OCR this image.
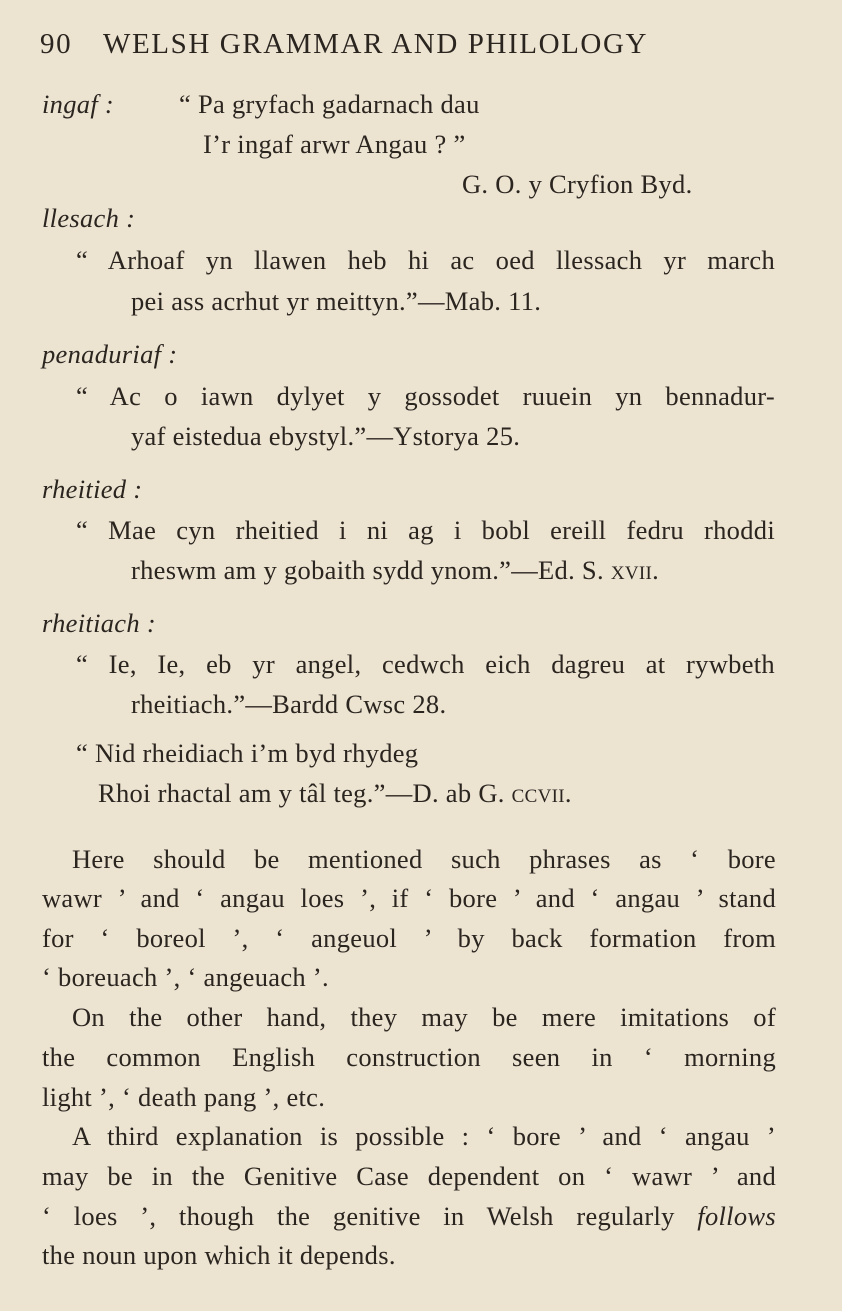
90 WELSH GRAMMAR AND PHILOLOGY
ingaf : “ Pa gryfach gadarnach dau
I’r ingaf arwr Angau ? ”
G. O. y Cryfion Byd.
llesach :
“ Arhoaf yn llawen heb hi ac oed llessach yr march
pei ass acrhut yr meittyn.”—Mab. 11.
penaduriaf :
“ Ac o iawn dylyet y gossodet ruuein yn bennadur-
yaf eistedua ebystyl.”—Ystorya 25.
rheitied :
“ Mae cyn rheitied i ni ag i bobl ereill fedru rhoddi
rheswm am y gobaith sydd ynom.”—Ed. S. xvii.
rheitiach :
“ Ie, Ie, eb yr angel, cedwch eich dagreu at rywbeth
rheitiach.”—Bardd Cwsc 28.
“ Nid rheidiach i’m byd rhydeg
Rhoi rhactal am y tâl teg.”—D. ab G. ccvii.
Here should be mentioned such phrases as ‘ bore
wawr ’ and ‘ angau loes ’, if ‘ bore ’ and ‘ angau ’ stand
for ‘ boreol ’, ‘ angeuol ’ by back formation from
‘ boreuach ’, ‘ angeuach ’.
On the other hand, they may be mere imitations of
the common English construction seen in ‘ morning
light ’, ‘ death pang ’, etc.
A third explanation is possible : ‘ bore ’ and ‘ angau ’
may be in the Genitive Case dependent on ‘ wawr ’ and
‘ loes ’, though the genitive in Welsh regularly follows
the noun upon which it depends.
